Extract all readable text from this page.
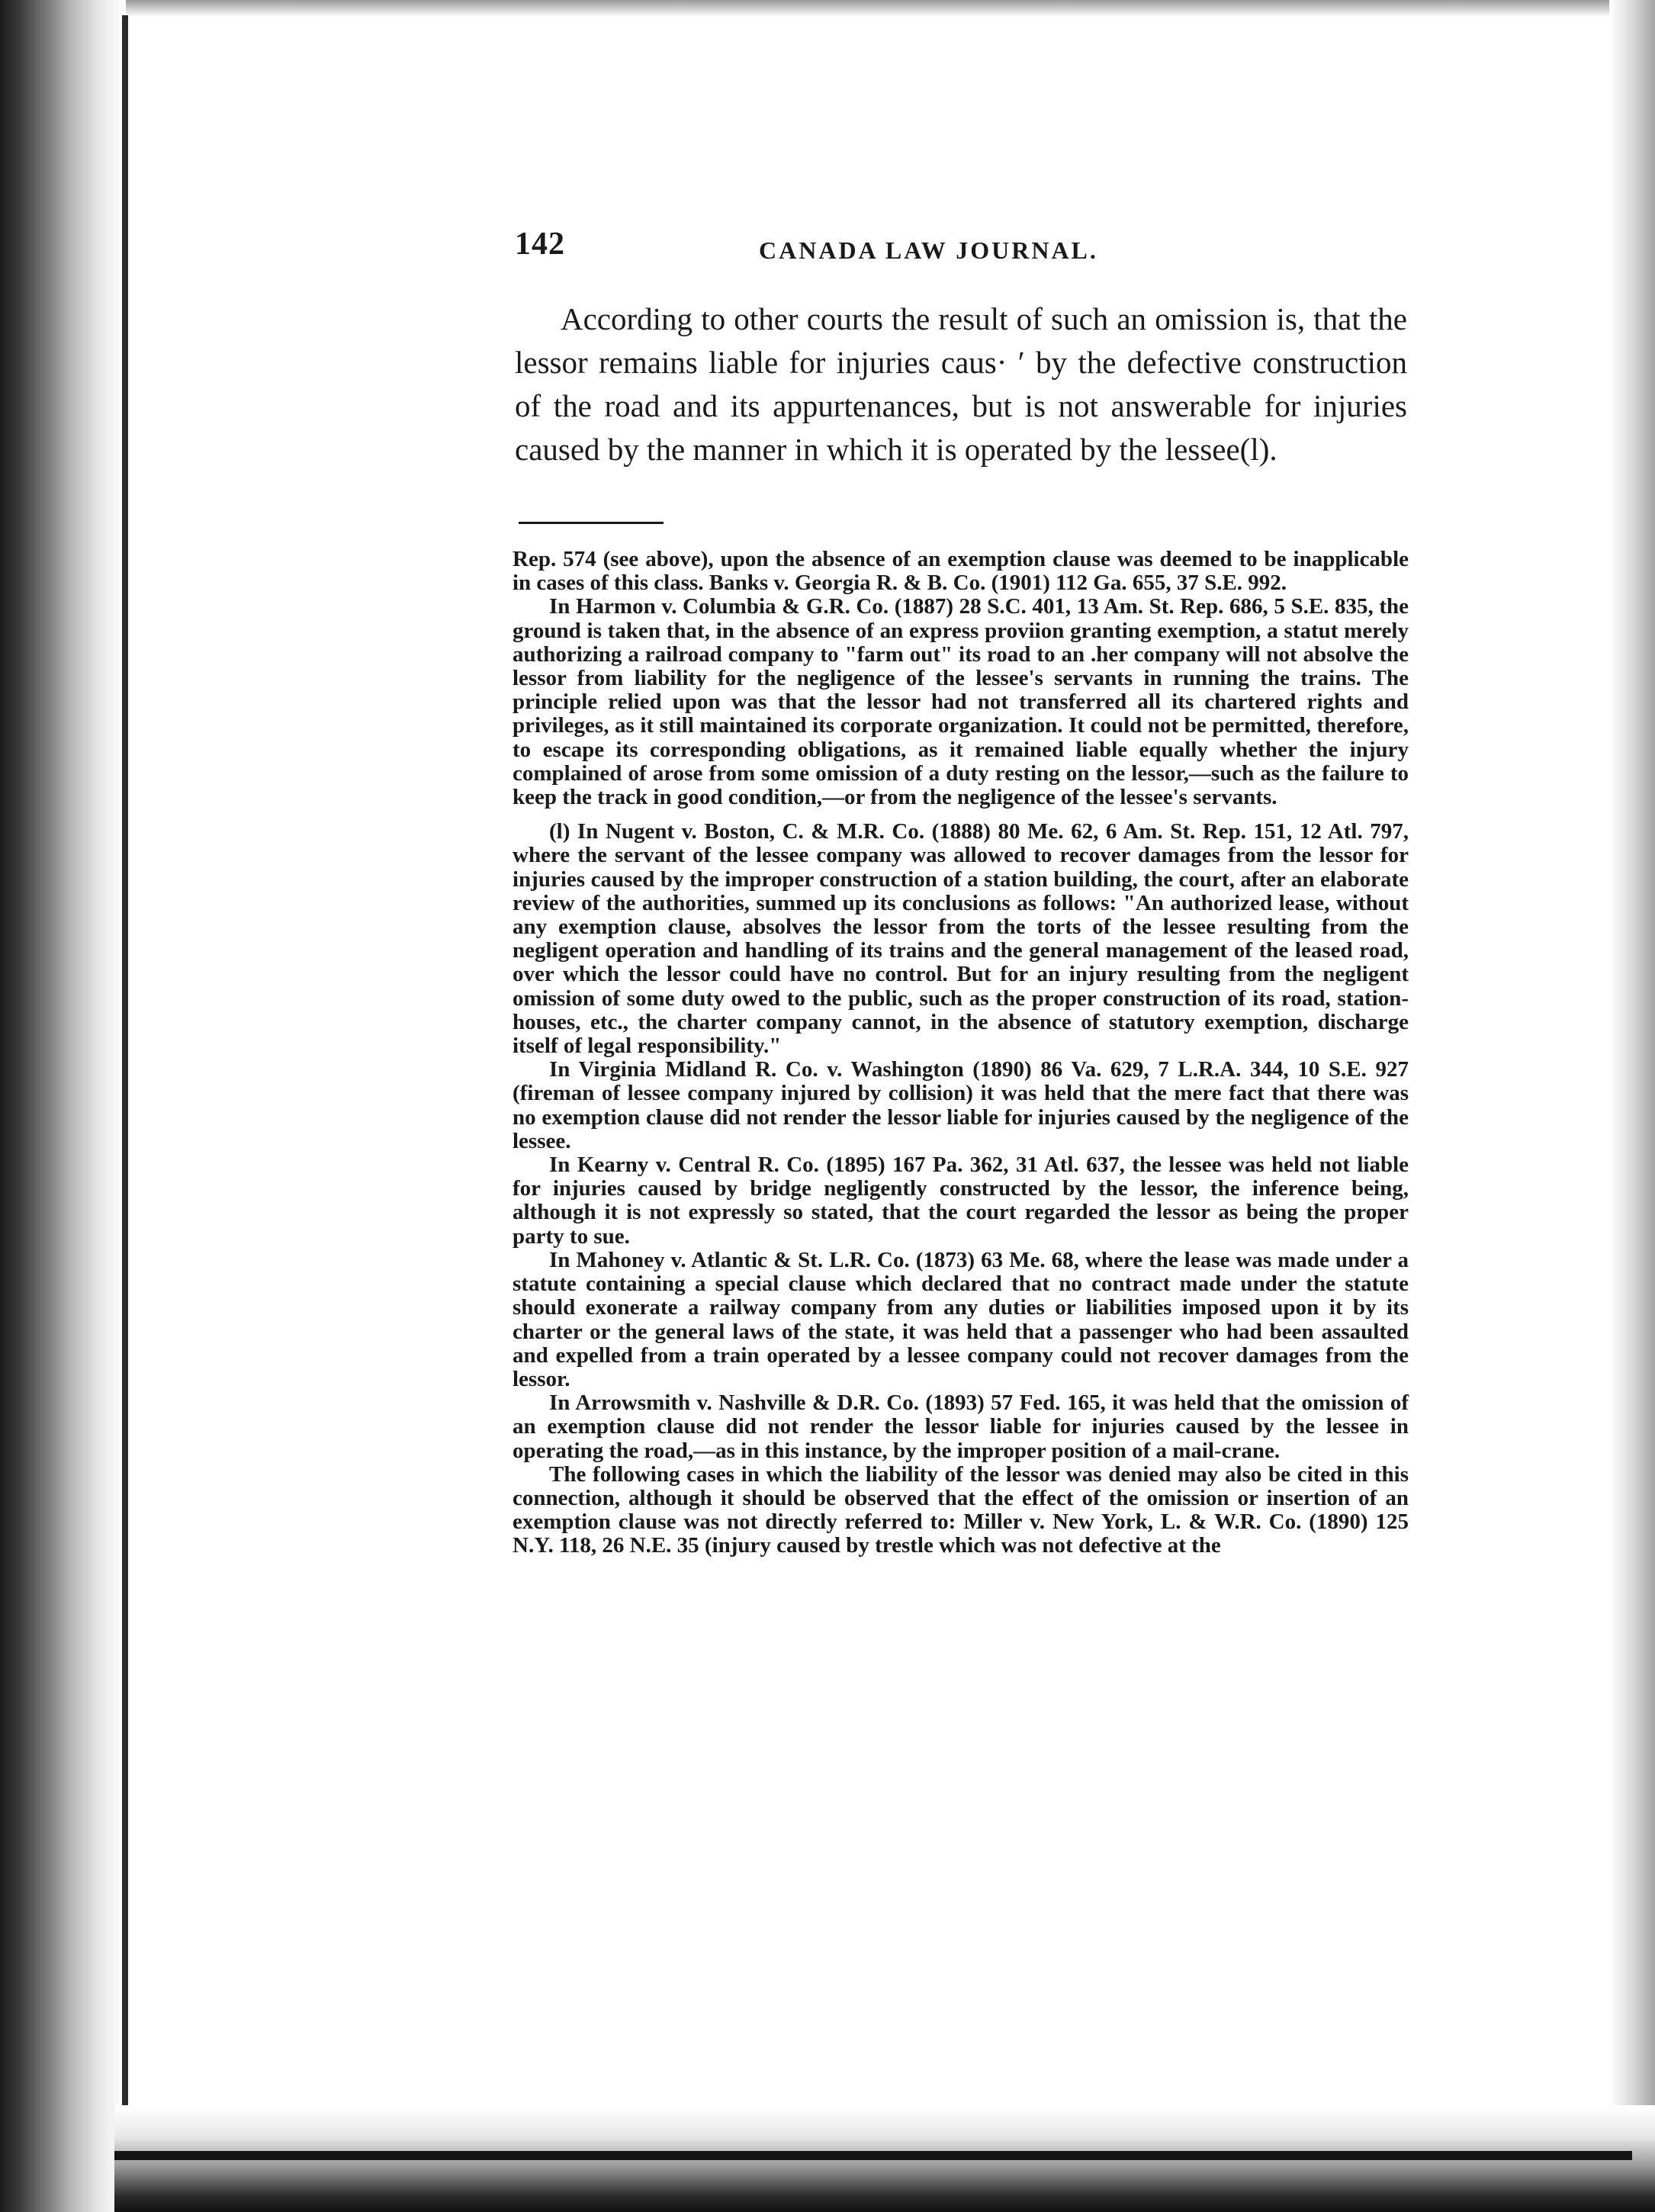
142	CANADA LAW JOURNAL.

According to other courts the result of such an omission is, that the lessor remains liable for injuries caus· ′ by the defective construction of the road and its appurtenances, but is not answerable for injuries caused by the manner in which it is operated by the lessee(l).

Rep. 574 (see above), upon the absence of an exemption clause was deemed to be inapplicable in cases of this class. Banks v. Georgia R. & B. Co. (1901) 112 Ga. 655, 37 S.E. 992.

In Harmon v. Columbia & G.R. Co. (1887) 28 S.C. 401, 13 Am. St. Rep. 686, 5 S.E. 835, the ground is taken that, in the absence of an express proviion granting exemption, a statut merely authorizing a railroad company to "farm out" its road to an .her company will not absolve the lessor from liability for the negligence of the lessee's servants in running the trains. The principle relied upon was that the lessor had not transferred all its chartered rights and privileges, as it still maintained its corporate organization. It could not be permitted, therefore, to escape its corresponding obligations, as it remained liable equally whether the injury complained of arose from some omission of a duty resting on the lessor,—such as the failure to keep the track in good condition,—or from the negligence of the lessee's servants.

(l) In Nugent v. Boston, C. & M.R. Co. (1888) 80 Me. 62, 6 Am. St. Rep. 151, 12 Atl. 797, where the servant of the lessee company was allowed to recover damages from the lessor for injuries caused by the improper construction of a station building, the court, after an elaborate review of the authorities, summed up its conclusions as follows: "An authorized lease, without any exemption clause, absolves the lessor from the torts of the lessee resulting from the negligent operation and handling of its trains and the general management of the leased road, over which the lessor could have no control. But for an injury resulting from the negligent omission of some duty owed to the public, such as the proper construction of its road, station-houses, etc., the charter company cannot, in the absence of statutory exemption, discharge itself of legal responsibility."

In Virginia Midland R. Co. v. Washington (1890) 86 Va. 629, 7 L.R.A. 344, 10 S.E. 927 (fireman of lessee company injured by collision) it was held that the mere fact that there was no exemption clause did not render the lessor liable for injuries caused by the negligence of the lessee.

In Kearny v. Central R. Co. (1895) 167 Pa. 362, 31 Atl. 637, the lessee was held not liable for injuries caused by bridge negligently constructed by the lessor, the inference being, although it is not expressly so stated, that the court regarded the lessor as being the proper party to sue.

In Mahoney v. Atlantic & St. L.R. Co. (1873) 63 Me. 68, where the lease was made under a statute containing a special clause which declared that no contract made under the statute should exonerate a railway company from any duties or liabilities imposed upon it by its charter or the general laws of the state, it was held that a passenger who had been assaulted and expelled from a train operated by a lessee company could not recover damages from the lessor.

In Arrowsmith v. Nashville & D.R. Co. (1893) 57 Fed. 165, it was held that the omission of an exemption clause did not render the lessor liable for injuries caused by the lessee in operating the road,—as in this instance, by the improper position of a mail-crane.

The following cases in which the liability of the lessor was denied may also be cited in this connection, although it should be observed that the effect of the omission or insertion of an exemption clause was not directly referred to: Miller v. New York, L. & W.R. Co. (1890) 125 N.Y. 118, 26 N.E. 35 (injury caused by trestle which was not defective at the
